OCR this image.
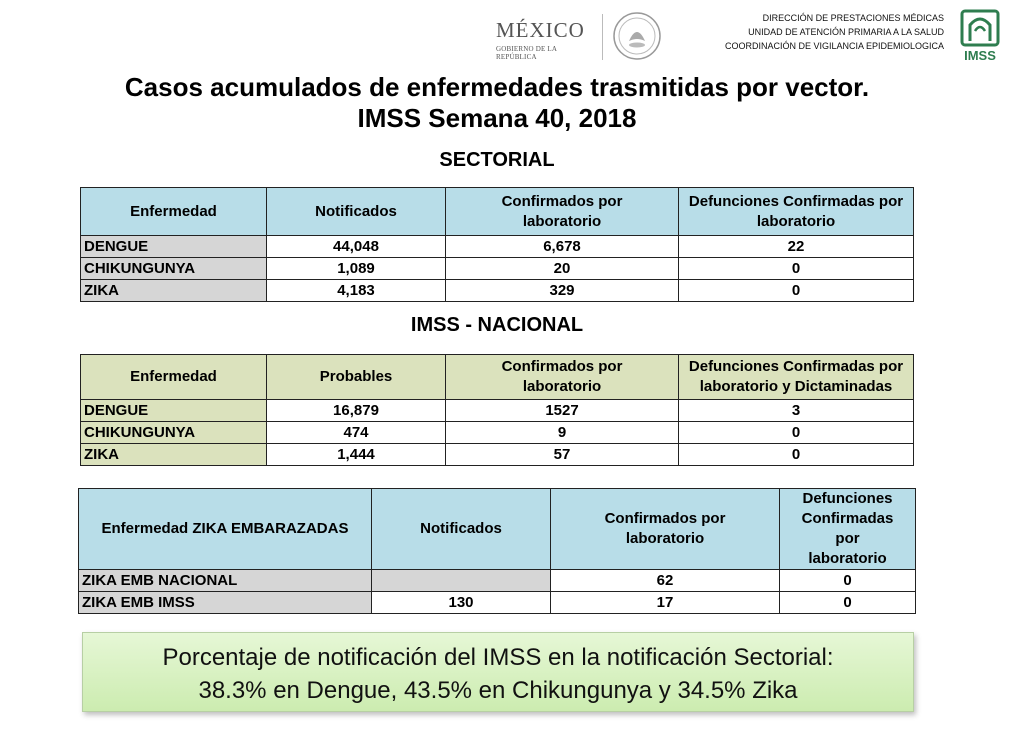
MÉXICO
GOBIERNO DE LA REPÚBLICA
DIRECCIÓN DE PRESTACIONES MÉDICAS
UNIDAD DE ATENCIÓN PRIMARIA A LA SALUD
COORDINACIÓN DE VIGILANCIA EPIDEMIOLOGICA
IMSS
Casos acumulados de enfermedades trasmitidas por vector.
IMSS Semana 40, 2018
SECTORIAL
Enfermedad	Notificados	Confirmados por laboratorio	Defunciones Confirmadas por laboratorio
DENGUE	44,048	6,678	22
CHIKUNGUNYA	1,089	20	0
ZIKA	4,183	329	0
IMSS - NACIONAL
Enfermedad	Probables	Confirmados por laboratorio	Defunciones Confirmadas por laboratorio y Dictaminadas
DENGUE	16,879	1527	3
CHIKUNGUNYA	474	9	0
ZIKA	1,444	57	0
Enfermedad ZIKA EMBARAZADAS	Notificados	Confirmados por laboratorio	Defunciones Confirmadas por laboratorio
ZIKA EMB NACIONAL		62	0
ZIKA EMB IMSS	130	17	0
Porcentaje de notificación del IMSS en la notificación Sectorial:
38.3% en Dengue, 43.5% en Chikungunya y 34.5% Zika
